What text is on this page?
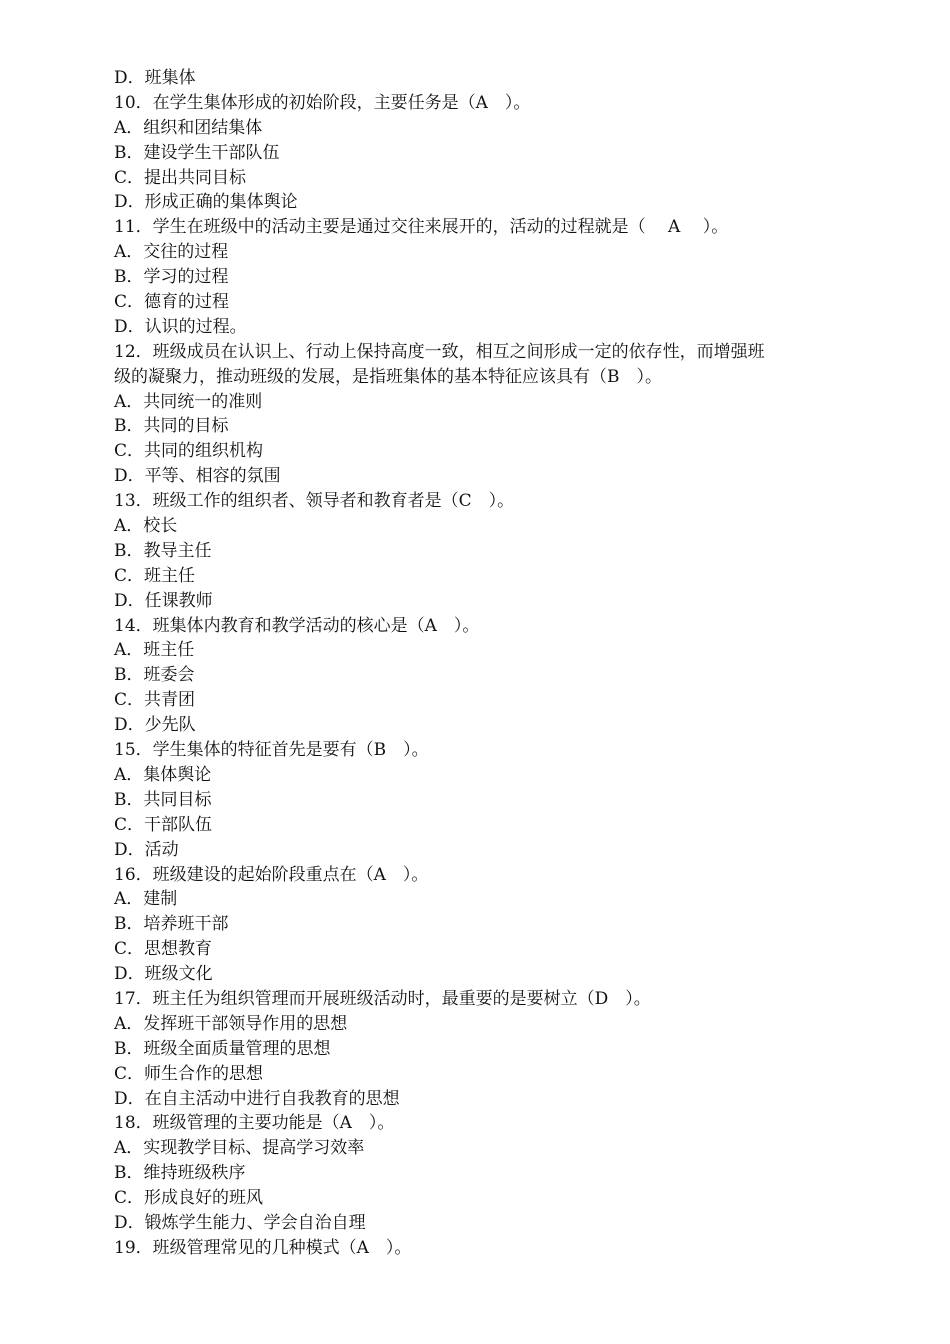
D．班集体
10．在学生集体形成的初始阶段，主要任务是（A　）。
A．组织和团结集体
B．建设学生干部队伍
C．提出共同目标
D．形成正确的集体舆论
11．学生在班级中的活动主要是通过交往来展开的，活动的过程就是（　 A　 ）。
A．交往的过程
B．学习的过程
C．德育的过程
D．认识的过程。
12．班级成员在认识上、行动上保持高度一致，相互之间形成一定的依存性，而增强班
级的凝聚力，推动班级的发展，是指班集体的基本特征应该具有（B　）。
A．共同统一的准则
B．共同的目标
C．共同的组织机构
D．平等、相容的氛围
13．班级工作的组织者、领导者和教育者是（C　）。
A．校长
B．教导主任
C．班主任
D．任课教师
14．班集体内教育和教学活动的核心是（A　）。
A．班主任
B．班委会
C．共青团
D．少先队
15．学生集体的特征首先是要有（B　）。
A．集体舆论
B．共同目标
C．干部队伍
D．活动
16．班级建设的起始阶段重点在（A　）。
A．建制
B．培养班干部
C．思想教育
D．班级文化
17．班主任为组织管理而开展班级活动时，最重要的是要树立（D　）。
A．发挥班干部领导作用的思想
B．班级全面质量管理的思想
C．师生合作的思想
D．在自主活动中进行自我教育的思想
18．班级管理的主要功能是（A　）。
A．实现教学目标、提高学习效率
B．维持班级秩序
C．形成良好的班风
D．锻炼学生能力、学会自治自理
19．班级管理常见的几种模式（A　）。
